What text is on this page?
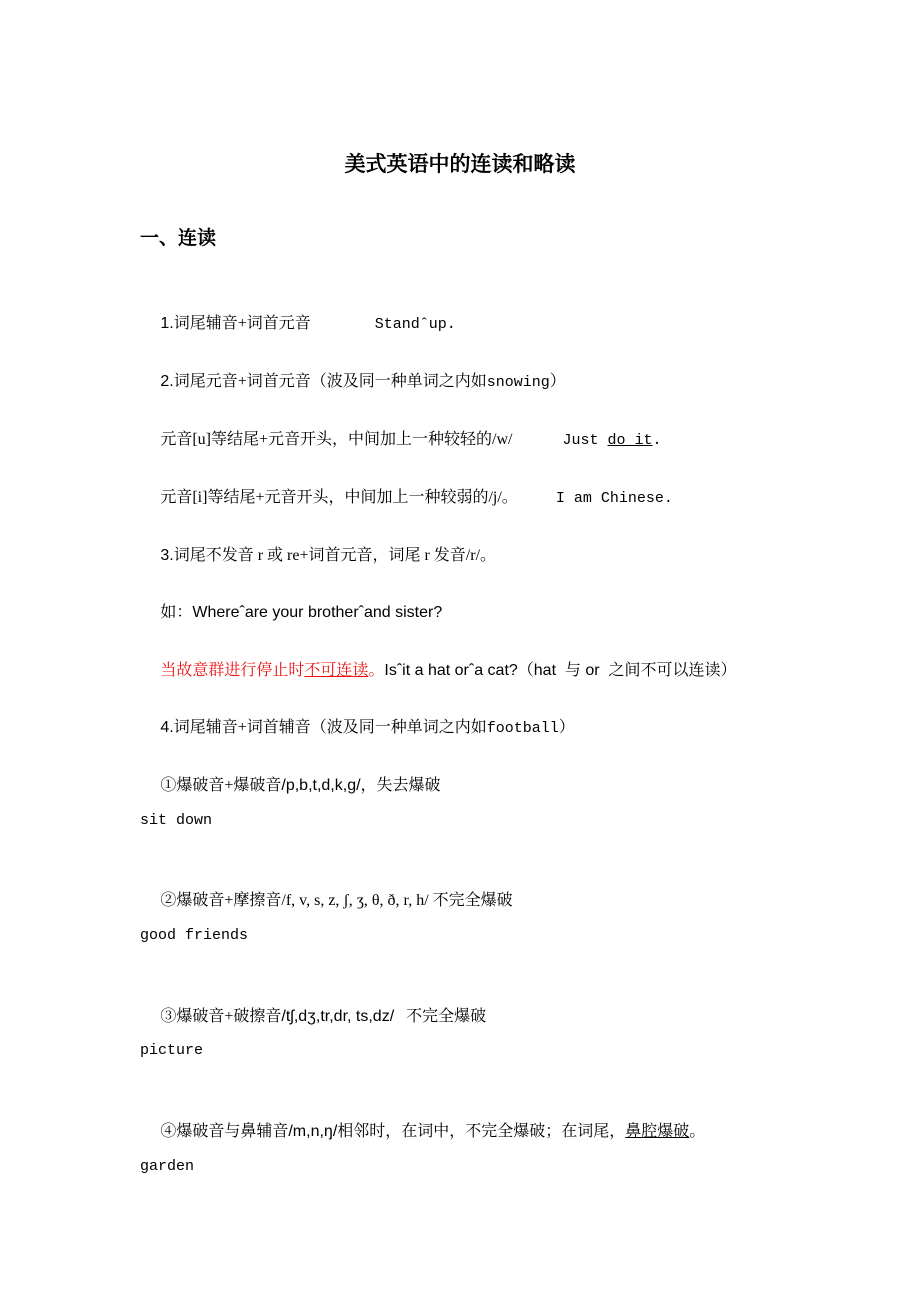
美式英语中的连读和略读
一、连读

1.词尾辅音+词首元音	Standˆup.

2.词尾元音+词首元音（波及同一种单词之内如snowing）

元音[u]等结尾+元音开头，中间加上一种较轻的/w/	Just do it.

元音[i]等结尾+元音开头，中间加上一种较弱的/j/。	I am Chinese.

3.词尾不发音 r 或 re+词首元音，词尾 r 发音/r/。

如：Whereˆare your brotherˆand sister?

当故意群进行停止时不可连读。Isˆit a hat orˆa cat?（hat  与 or  之间不可以连读）

4.词尾辅音+词首辅音（波及同一种单词之内如football）

①爆破音+爆破音/p,b,t,d,k,g/，失去爆破

sit down

②爆破音+摩擦音/f, v, s, z, ʃ, ʒ, θ, ð, r, h/ 不完全爆破

good friends

③爆破音+破擦音/tʃ,dʒ,tr,dr, ts,dz/   不完全爆破

picture

④爆破音与鼻辅音/m,n,ŋ/相邻时，在词中，不完全爆破；在词尾，鼻腔爆破。

garden
